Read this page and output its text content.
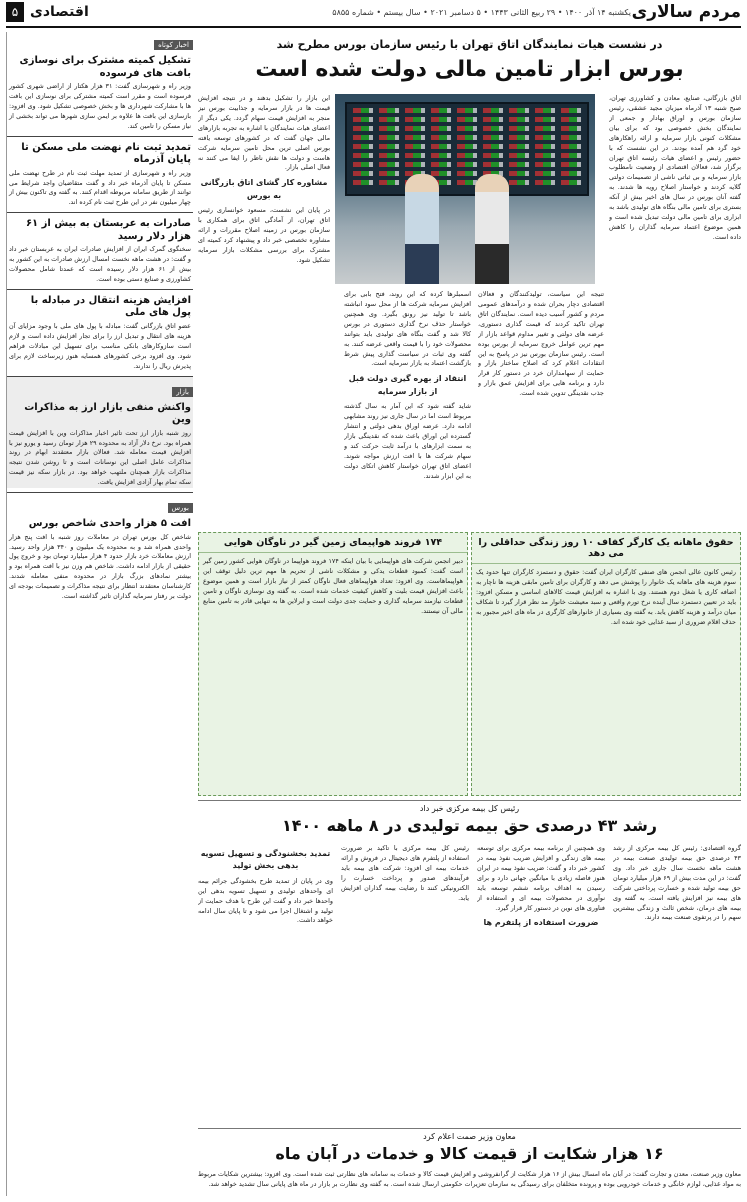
مردم سالاری
یکشنبه ۱۴ آذر ۱۴۰۰ • ۲۹ ربیع الثانی ۱۴۴۳ • ۵ دسامبر ۲۰۲۱ • سال بیستم • شماره ۵۸۵۵
۵ اقتصادی
در نشست هیات نمایندگان اتاق تهران با رئیس سازمان بورس مطرح شد
بورس ابزار تامین مالی دولت شده است
اتاق بازرگانی، صنایع، معادن و کشاورزی تهران، صبح شنبه ۱۳ آذرماه میزبان مجید عشقی، رئیس سازمان بورس و اوراق بهادار و جمعی از نمایندگان بخش خصوصی بود که برای بیان مشکلات کنونی بازار سرمایه و ارائه راهکارهای خود گرد هم آمده بودند. در این نشست که با حضور رئیس و اعضای هیات رئیسه اتاق تهران برگزار شد، فعالان اقتصادی از وضعیت نامطلوب بازار سرمایه و بی ثباتی ناشی از تصمیمات دولتی گلایه کردند و خواستار اصلاح رویه ها شدند. به گفته آنان بورس در سال های اخیر بیش از آنکه بستری برای تامین مالی بنگاه های تولیدی باشد به ابزاری برای تامین مالی دولت تبدیل شده است و همین موضوع اعتماد سرمایه گذاران را کاهش داده است.
این بازار را تشکیل بدهند و در نتیجه افزایش قیمت ها در بازار سرمایه و جذابیت بورس نیز منجر به افزایش قیمت سهام گردد. یکی دیگر از اعضای هیات نمایندگان با اشاره به تجربه بازارهای مالی جهان گفت که در کشورهای توسعه یافته بورس اصلی ترین محل تامین سرمایه شرکت هاست و دولت ها نقش ناظر را ایفا می کنند نه فعال اصلی بازار.
مشاوره کار گشای اتاق بازرگانی به بورس
در پایان این نشست، مسعود خوانساری رئیس اتاق تهران، از آمادگی اتاق برای همکاری با سازمان بورس در زمینه اصلاح مقررات و ارائه مشاوره تخصصی خبر داد و پیشنهاد کرد کمیته ای مشترک برای بررسی مشکلات بازار سرمایه تشکیل شود.
تنیجه این سیاست، تولیدکنندگان و فعالان اقتصادی دچار بحران شده و درآمدهای عمومی مردم و کشور آسیب دیده است. نمایندگان اتاق تهران تاکید کردند که قیمت گذاری دستوری، عرضه های دولتی و تغییر مداوم قواعد بازار از مهم ترین عوامل خروج سرمایه از بورس بوده است. رئیس سازمان بورس نیز در پاسخ به این انتقادات اعلام کرد که اصلاح ساختار بازار و حمایت از سهامداران خرد در دستور کار قرار دارد و برنامه هایی برای افزایش عمق بازار و جذب نقدینگی تدوین شده است.
اسمبلرها کرده که این روند، فتح بابی برای افزایش سرمایه شرکت ها از محل سود انباشته باشد تا تولید نیز رونق بگیرد. وی همچنین خواستار حذف نرخ گذاری دستوری در بورس کالا شد و گفت بنگاه های تولیدی باید بتوانند محصولات خود را با قیمت واقعی عرضه کنند. به گفته وی ثبات در سیاست گذاری پیش شرط بازگشت اعتماد به بازار سرمایه است.
انتقاد از بهره گیری دولت قبل از بازار سرمایه
شاید گفته شود که این آمار به سال گذشته مربوط است اما در سال جاری نیز روند مشابهی ادامه دارد. عرضه اوراق بدهی دولتی و انتشار گسترده این اوراق باعث شده که نقدینگی بازار به سمت ابزارهای با درآمد ثابت حرکت کند و سهام شرکت ها با افت ارزش مواجه شوند. اعضای اتاق تهران خواستار کاهش اتکای دولت به این ابزار شدند.
حقوق ماهانه یک کارگر کفاف ۱۰ روز زندگی حداقلی را می دهد
رئیس کانون عالی انجمن های صنفی کارگران ایران گفت: حقوق و دستمزد کارگران تنها حدود یک سوم هزینه های ماهانه یک خانوار را پوشش می دهد و کارگران برای تامین مابقی هزینه ها ناچار به اضافه کاری یا شغل دوم هستند. وی با اشاره به افزایش قیمت کالاهای اساسی و مسکن افزود: باید در تعیین دستمزد سال آینده نرخ تورم واقعی و سبد معیشت خانوار مد نظر قرار گیرد تا شکاف میان درآمد و هزینه کاهش یابد. به گفته وی بسیاری از خانوارهای کارگری در ماه های اخیر مجبور به حذف اقلام ضروری از سبد غذایی خود شده اند.
۱۷۴ فروند هواپیمای زمین گیر در ناوگان هوایی
دبیر انجمن شرکت های هواپیمایی با بیان اینکه ۱۷۴ فروند هواپیما در ناوگان هوایی کشور زمین گیر است گفت: کمبود قطعات یدکی و مشکلات ناشی از تحریم ها مهم ترین دلیل توقف این هواپیماهاست. وی افزود: تعداد هواپیماهای فعال ناوگان کمتر از نیاز بازار است و همین موضوع باعث افزایش قیمت بلیت و کاهش کیفیت خدمات شده است. به گفته وی نوسازی ناوگان و تامین قطعات نیازمند سرمایه گذاری و حمایت جدی دولت است و ایرلاین ها به تنهایی قادر به تامین منابع مالی آن نیستند.
رئیس کل بیمه مرکزی خبر داد
رشد ۴۳ درصدی حق بیمه تولیدی در ۸ ماهه ۱۴۰۰
گروه اقتصادی: رئیس کل بیمه مرکزی از رشد ۴۳ درصدی حق بیمه تولیدی صنعت بیمه در هشت ماهه نخست سال جاری خبر داد. وی گفت: در این مدت بیش از ۶۹ هزار میلیارد تومان حق بیمه تولید شده و خسارت پرداختی شرکت های بیمه نیز افزایش یافته است. به گفته وی بیمه های درمان، شخص ثالث و زندگی بیشترین سهم را در پرتفوی صنعت بیمه دارند.
وی همچنین از برنامه بیمه مرکزی برای توسعه بیمه های زندگی و افزایش ضریب نفوذ بیمه در کشور خبر داد و گفت: ضریب نفوذ بیمه در ایران هنوز فاصله زیادی با میانگین جهانی دارد و برای رسیدن به اهداف برنامه ششم توسعه باید نوآوری در محصولات بیمه ای و استفاده از فناوری های نوین در دستور کار قرار گیرد.
ضرورت استفاده از پلتفرم ها
رئیس کل بیمه مرکزی با تاکید بر ضرورت استفاده از پلتفرم های دیجیتال در فروش و ارائه خدمات بیمه ای افزود: شرکت های بیمه باید فرآیندهای صدور و پرداخت خسارت را الکترونیکی کنند تا رضایت بیمه گذاران افزایش یابد.
تمدید بخشنودگی و تسهیل تسویه بدهی بخش تولید
وی در پایان از تمدید طرح بخشودگی جرائم بیمه ای واحدهای تولیدی و تسهیل تسویه بدهی این واحدها خبر داد و گفت این طرح با هدف حمایت از تولید و اشتغال اجرا می شود و تا پایان سال ادامه خواهد داشت.
معاون وزیر صمت اعلام کرد
۱۶ هزار شکایت از قیمت کالا و خدمات در آبان ماه
معاون وزیر صنعت، معدن و تجارت گفت: در آبان ماه امسال بیش از ۱۶ هزار شکایت از گرانفروشی و افزایش قیمت کالا و خدمات به سامانه های نظارتی ثبت شده است. وی افزود: بیشترین شکایات مربوط به مواد غذایی، لوازم خانگی و خدمات خودرویی بوده و پرونده متخلفان برای رسیدگی به سازمان تعزیرات حکومتی ارسال شده است. به گفته وی نظارت بر بازار در ماه های پایانی سال تشدید خواهد شد.
اخبار کوتاه
تشکیل کمیته مشترک برای نوسازی بافت های فرسوده
وزیر راه و شهرسازی گفت: ۳۱ هزار هکتار از اراضی شهری کشور فرسوده است و مقرر است کمیته مشترکی برای نوسازی این بافت ها با مشارکت شهرداری ها و بخش خصوصی تشکیل شود. وی افزود: بازسازی این بافت ها علاوه بر ایمن سازی شهرها می تواند بخشی از نیاز مسکن را تامین کند.
تمدید ثبت نام نهضت ملی مسکن تا پایان آذرماه
وزیر راه و شهرسازی از تمدید مهلت ثبت نام در طرح نهضت ملی مسکن تا پایان آذرماه خبر داد و گفت متقاضیان واجد شرایط می توانند از طریق سامانه مربوطه اقدام کنند. به گفته وی تاکنون بیش از چهار میلیون نفر در این طرح ثبت نام کرده اند.
صادرات به عربستان به بیش از ۶۱ هزار دلار رسید
سخنگوی گمرک ایران از افزایش صادرات ایران به عربستان خبر داد و گفت: در هشت ماهه نخست امسال ارزش صادرات به این کشور به بیش از ۶۱ هزار دلار رسیده است که عمدتا شامل محصولات کشاورزی و صنایع دستی بوده است.
افزایش هزینه انتقال در مبادله با پول های ملی
عضو اتاق بازرگانی گفت: مبادله با پول های ملی با وجود مزایای آن هزینه های انتقال و تبدیل ارز را برای تجار افزایش داده است و لازم است سازوکارهای بانکی مناسب برای تسهیل این مبادلات فراهم شود. وی افزود برخی کشورهای همسایه هنوز زیرساخت لازم برای پذیرش ریال را ندارند.
بازار
واکنش منفی بازار ارز به مذاکرات وین
روز شنبه بازار ارز تحت تاثیر اخبار مذاکرات وین با افزایش قیمت همراه بود. نرخ دلار آزاد به محدوده ۲۹ هزار تومان رسید و یورو نیز با افزایش قیمت معامله شد. فعالان بازار معتقدند ابهام در روند مذاکرات عامل اصلی این نوسانات است و تا روشن شدن نتیجه مذاکرات بازار همچنان ملتهب خواهد بود. در بازار سکه نیز قیمت سکه تمام بهار آزادی افزایش یافت.
بورس
افت ۵ هزار واحدی شاخص بورس
شاخص کل بورس تهران در معاملات روز شنبه با افت پنج هزار واحدی همراه شد و به محدوده یک میلیون و ۳۴۰ هزار واحد رسید. ارزش معاملات خرد بازار حدود ۴ هزار میلیارد تومان بود و خروج پول حقیقی از بازار ادامه داشت. شاخص هم وزن نیز با افت همراه بود و بیشتر نمادهای بزرگ بازار در محدوده منفی معامله شدند. کارشناسان معتقدند انتظار برای نتیجه مذاکرات و تصمیمات بودجه ای دولت بر رفتار سرمایه گذاران تاثیر گذاشته است.
